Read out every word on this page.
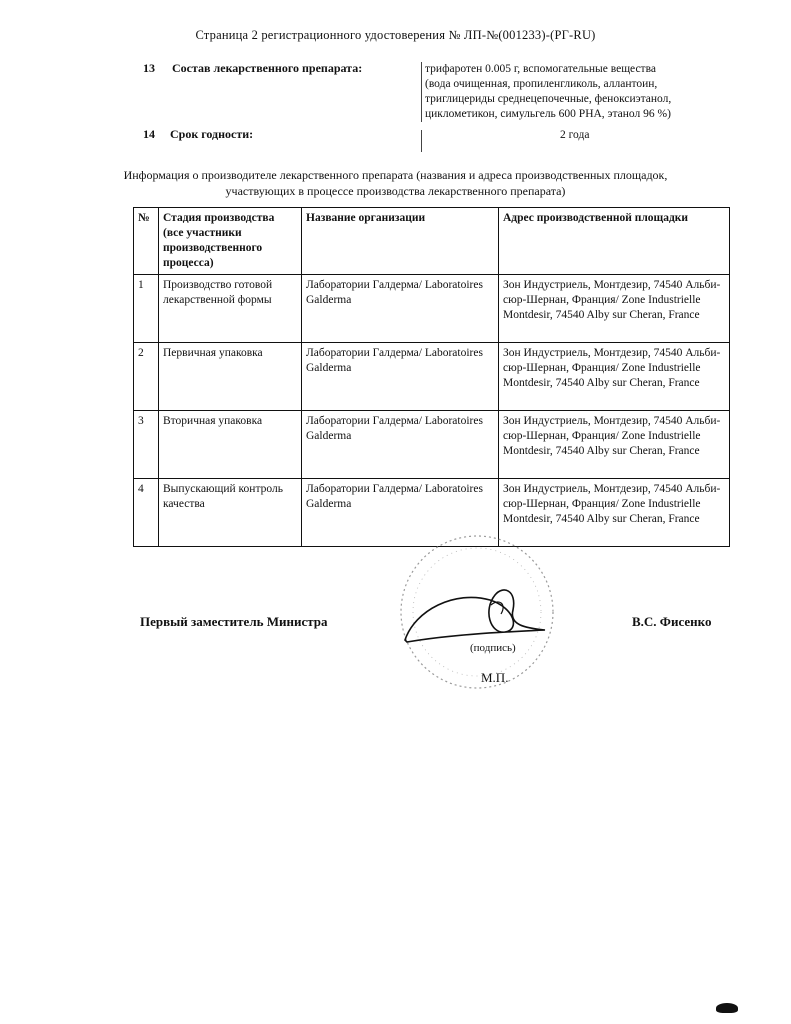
Страница 2 регистрационного удостоверения № ЛП-№(001233)-(РГ-RU)
13 Состав лекарственного препарата:	трифаротен 0.005 г, вспомогательные вещества
(вода очищенная, пропиленгликоль, аллантоин,
триглицериды среднецепочечные, феноксиэтанол,
циклометикон, симульгель 600 PHA, этанол 96 %)
14 Срок годности:	2 года
Информация о производителе лекарственного препарата (названия и адреса производственных площадок,
участвующих в процессе производства лекарственного препарата)
№	Стадия производства (все участники производственного процесса)	Название организации	Адрес производственной площадки
1	Производство готовой лекарственной формы	Лаборатории Галдерма/ Laboratoires Galderma	Зон Индустриель, Монтдезир, 74540 Альби-сюр-Шернан, Франция/ Zone Industrielle Montdesir, 74540 Alby sur Cheran, France
2	Первичная упаковка	Лаборатории Галдерма/ Laboratoires Galderma	Зон Индустриель, Монтдезир, 74540 Альби-сюр-Шернан, Франция/ Zone Industrielle Montdesir, 74540 Alby sur Cheran, France
3	Вторичная упаковка	Лаборатории Галдерма/ Laboratoires Galderma	Зон Индустриель, Монтдезир, 74540 Альби-сюр-Шернан, Франция/ Zone Industrielle Montdesir, 74540 Alby sur Cheran, France
4	Выпускающий контроль качества	Лаборатории Галдерма/ Laboratoires Galderma	Зон Индустриель, Монтдезир, 74540 Альби-сюр-Шернан, Франция/ Zone Industrielle Montdesir, 74540 Alby sur Cheran, France
Первый заместитель Министра	В.С. Фисенко
(подпись)
М.П.
